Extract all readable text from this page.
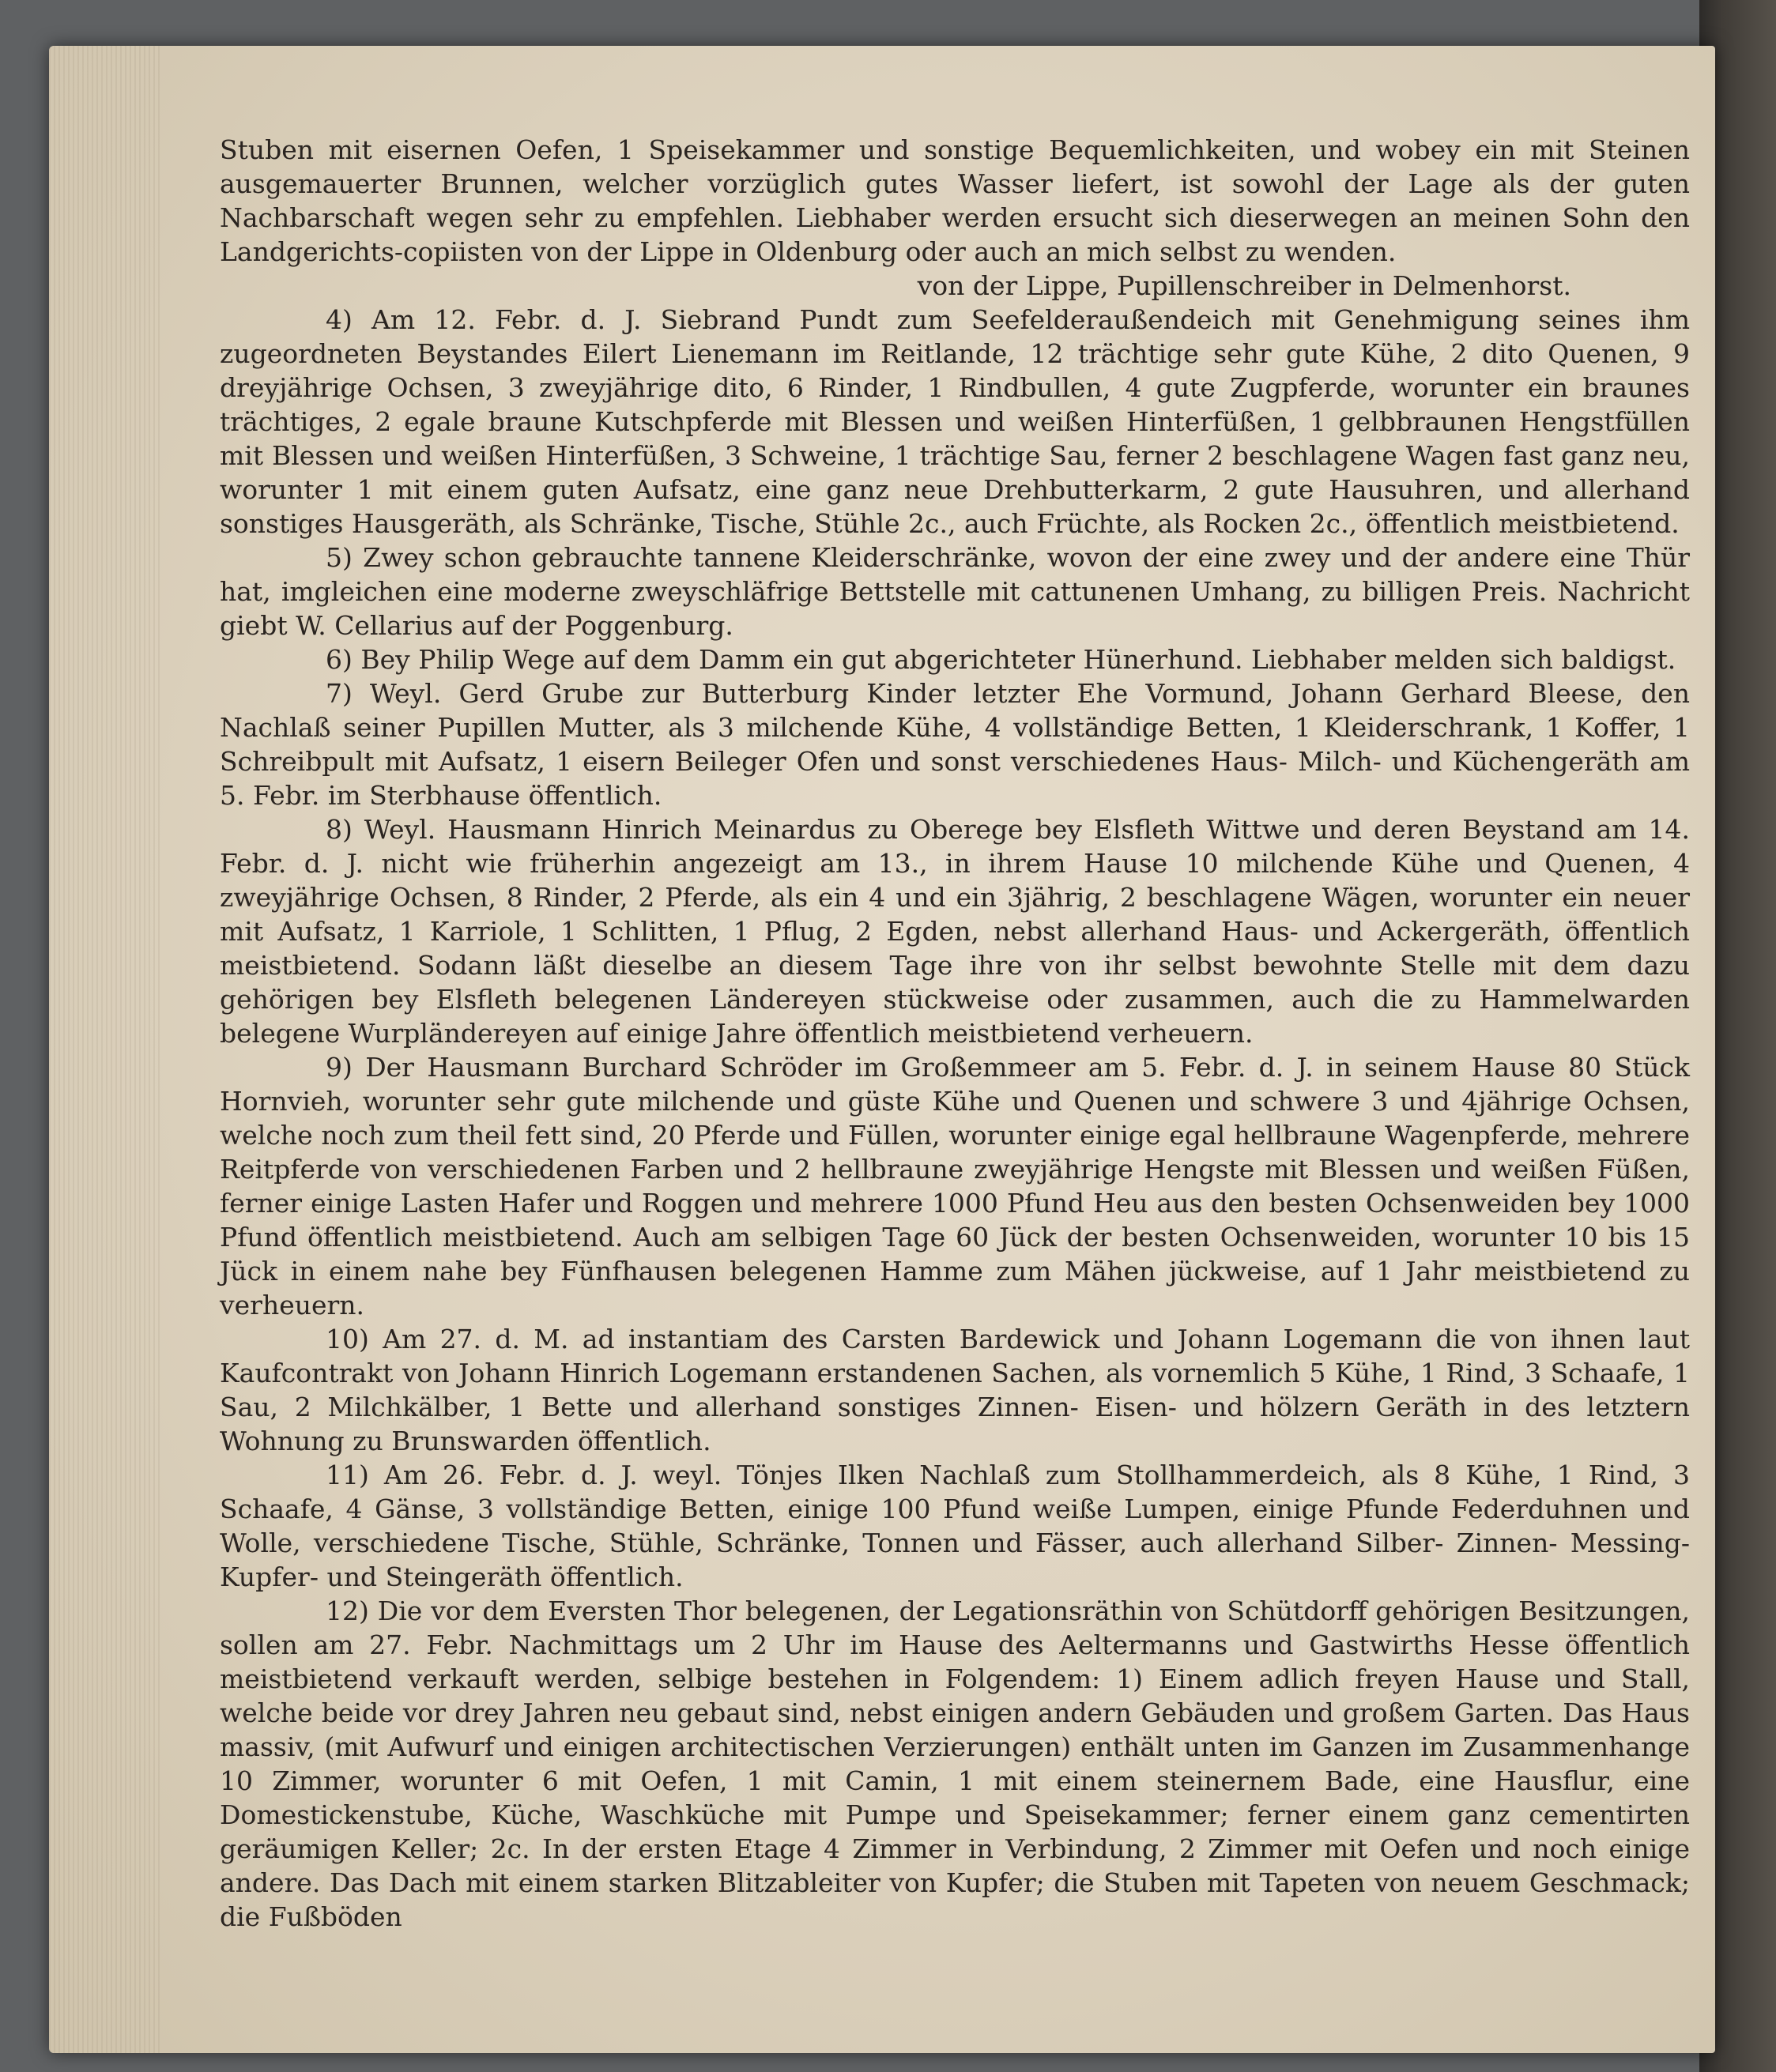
Stuben mit eisernen Oefen, 1 Speisekammer und sonstige Bequemlichkeiten, und wobey ein mit Steinen ausgemauerter Brunnen, welcher vorzüglich gutes Wasser liefert, ist sowohl der Lage als der guten Nachbarschaft wegen sehr zu empfehlen. Liebhaber werden ersucht sich dieserwegen an meinen Sohn den Landgerichts-copiisten von der Lippe in Oldenburg oder auch an mich selbst zu wenden.

von der Lippe, Pupillenschreiber in Delmenhorst.

4) Am 12. Febr. d. J. Siebrand Pundt zum Seefelderaußendeich mit Genehmigung seines ihm zugeordneten Beystandes Eilert Lienemann im Reitlande, 12 trächtige sehr gute Kühe, 2 dito Quenen, 9 dreyjährige Ochsen, 3 zweyjährige dito, 6 Rinder, 1 Rindbullen, 4 gute Zugpferde, worunter ein braunes trächtiges, 2 egale braune Kutschpferde mit Blessen und weißen Hinterfüßen, 1 gelbbraunen Hengstfüllen mit Blessen und weißen Hinterfüßen, 3 Schweine, 1 trächtige Sau, ferner 2 beschlagene Wagen fast ganz neu, worunter 1 mit einem guten Aufsatz, eine ganz neue Drehbutterkarm, 2 gute Hausuhren, und allerhand sonstiges Hausgeräth, als Schränke, Tische, Stühle 2c., auch Früchte, als Rocken 2c., öffentlich meistbietend.

5) Zwey schon gebrauchte tannene Kleiderschränke, wovon der eine zwey und der andere eine Thür hat, imgleichen eine moderne zweyschläfrige Bettstelle mit cattunenen Umhang, zu billigen Preis. Nachricht giebt W. Cellarius auf der Poggenburg.

6) Bey Philip Wege auf dem Damm ein gut abgerichteter Hünerhund. Liebhaber melden sich baldigst.

7) Weyl. Gerd Grube zur Butterburg Kinder letzter Ehe Vormund, Johann Gerhard Bleese, den Nachlaß seiner Pupillen Mutter, als 3 milchende Kühe, 4 vollständige Betten, 1 Kleiderschrank, 1 Koffer, 1 Schreibpult mit Aufsatz, 1 eisern Beileger Ofen und sonst verschiedenes Haus- Milch- und Küchengeräth am 5. Febr. im Sterbhause öffentlich.

8) Weyl. Hausmann Hinrich Meinardus zu Oberege bey Elsfleth Wittwe und deren Beystand am 14. Febr. d. J. nicht wie früherhin angezeigt am 13., in ihrem Hause 10 milchende Kühe und Quenen, 4 zweyjährige Ochsen, 8 Rinder, 2 Pferde, als ein 4 und ein 3jährig, 2 beschlagene Wägen, worunter ein neuer mit Aufsatz, 1 Karriole, 1 Schlitten, 1 Pflug, 2 Egden, nebst allerhand Haus- und Ackergeräth, öffentlich meistbietend. Sodann läßt dieselbe an diesem Tage ihre von ihr selbst bewohnte Stelle mit dem dazu gehörigen bey Elsfleth belegenen Ländereyen stückweise oder zusammen, auch die zu Hammelwarden belegene Wurpländereyen auf einige Jahre öffentlich meistbietend verheuern.

9) Der Hausmann Burchard Schröder im Großemmeer am 5. Febr. d. J. in seinem Hause 80 Stück Hornvieh, worunter sehr gute milchende und güste Kühe und Quenen und schwere 3 und 4jährige Ochsen, welche noch zum theil fett sind, 20 Pferde und Füllen, worunter einige egal hellbraune Wagenpferde, mehrere Reitpferde von verschiedenen Farben und 2 hellbraune zweyjährige Hengste mit Blessen und weißen Füßen, ferner einige Lasten Hafer und Roggen und mehrere 1000 Pfund Heu aus den besten Ochsenweiden bey 1000 Pfund öffentlich meistbietend. Auch am selbigen Tage 60 Jück der besten Ochsenweiden, worunter 10 bis 15 Jück in einem nahe bey Fünfhausen belegenen Hamme zum Mähen jückweise, auf 1 Jahr meistbietend zu verheuern.

10) Am 27. d. M. ad instantiam des Carsten Bardewick und Johann Logemann die von ihnen laut Kaufcontrakt von Johann Hinrich Logemann erstandenen Sachen, als vornemlich 5 Kühe, 1 Rind, 3 Schaafe, 1 Sau, 2 Milchkälber, 1 Bette und allerhand sonstiges Zinnen- Eisen- und hölzern Geräth in des letztern Wohnung zu Brunswarden öffentlich.

11) Am 26. Febr. d. J. weyl. Tönjes Ilken Nachlaß zum Stollhammerdeich, als 8 Kühe, 1 Rind, 3 Schaafe, 4 Gänse, 3 vollständige Betten, einige 100 Pfund weiße Lumpen, einige Pfunde Federduhnen und Wolle, verschiedene Tische, Stühle, Schränke, Tonnen und Fässer, auch allerhand Silber- Zinnen- Messing- Kupfer- und Steingeräth öffentlich.

12) Die vor dem Eversten Thor belegenen, der Legationsräthin von Schütdorff gehörigen Besitzungen, sollen am 27. Febr. Nachmittags um 2 Uhr im Hause des Aeltermanns und Gastwirths Hesse öffentlich meistbietend verkauft werden, selbige bestehen in Folgendem: 1) Einem adlich freyen Hause und Stall, welche beide vor drey Jahren neu gebaut sind, nebst einigen andern Gebäuden und großem Garten. Das Haus massiv, (mit Aufwurf und einigen architectischen Verzierungen) enthält unten im Ganzen im Zusammenhange 10 Zimmer, worunter 6 mit Oefen, 1 mit Camin, 1 mit einem steinernem Bade, eine Hausflur, eine Domestickenstube, Küche, Waschküche mit Pumpe und Speisekammer; ferner einem ganz cementirten geräumigen Keller; 2c. In der ersten Etage 4 Zimmer in Verbindung, 2 Zimmer mit Oefen und noch einige andere. Das Dach mit einem starken Blitzableiter von Kupfer; die Stuben mit Tapeten von neuem Geschmack; die Fußböden
